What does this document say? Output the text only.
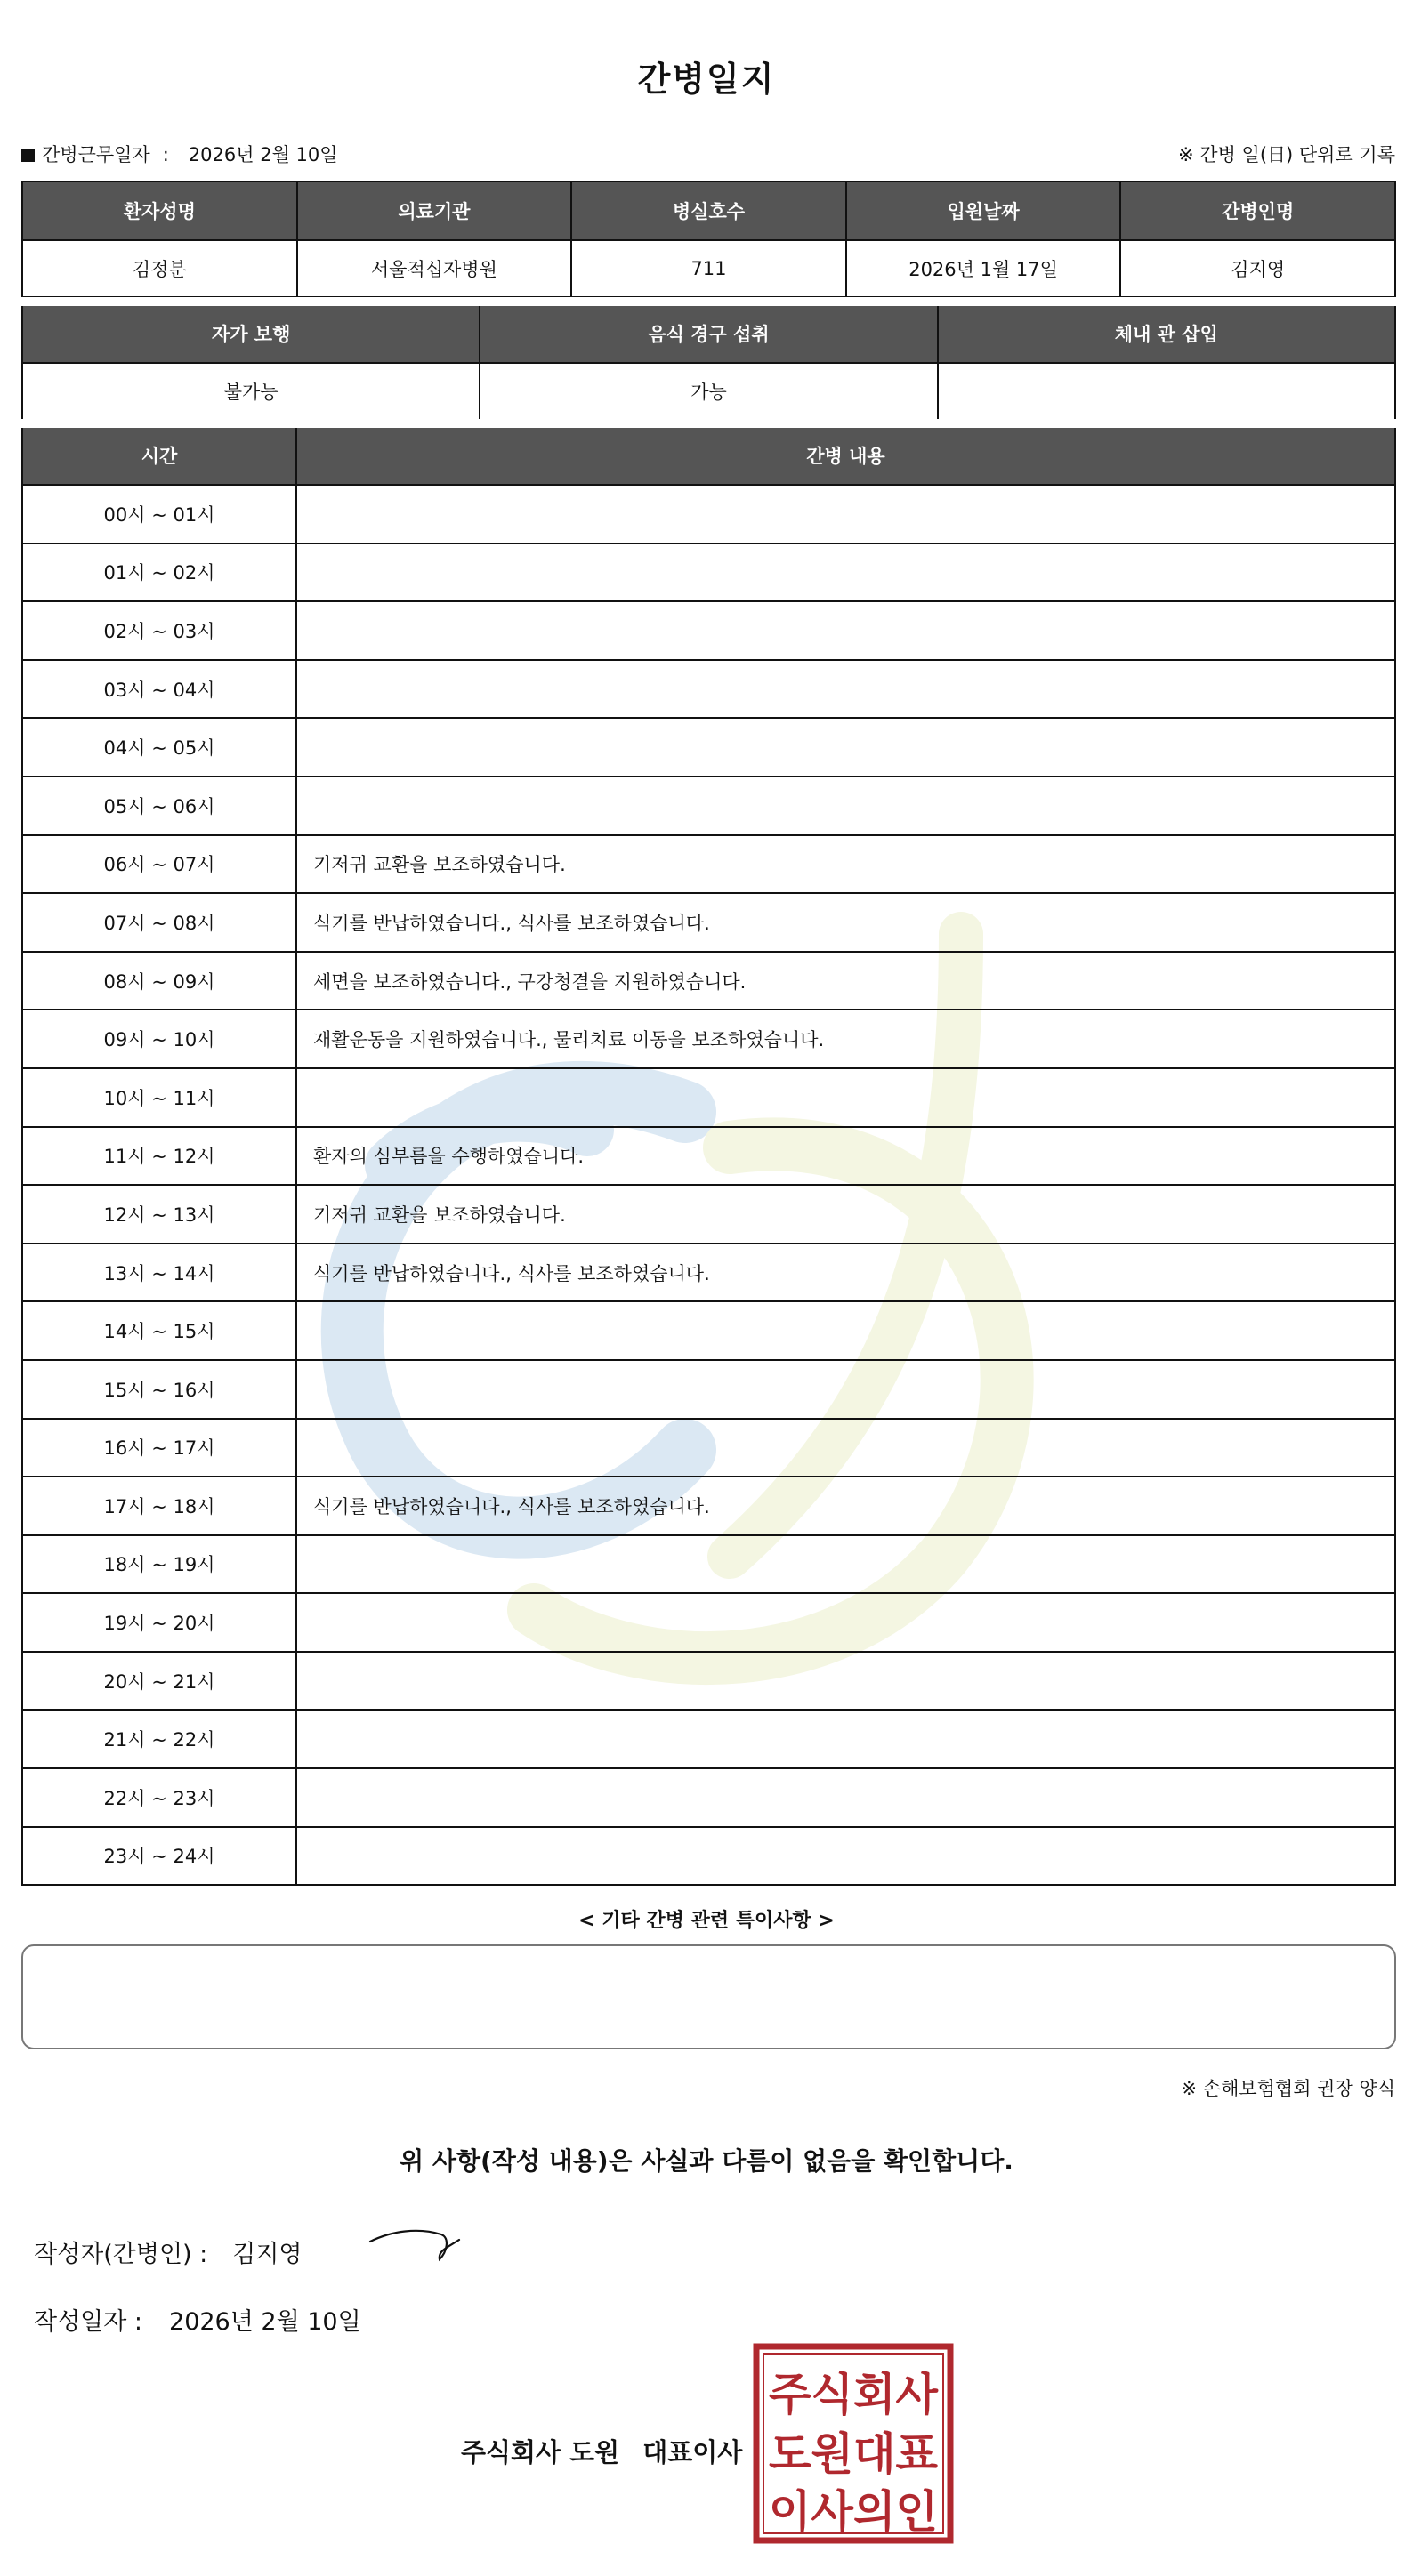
간병일지
간병근무일자 : 2026년 2월 10일	※ 간병 일(日) 단위로 기록
환자성명	의료기관	병실호수	입원날짜	간병인명
김정분	서울적십자병원	711	2026년 1월 17일	김지영
자가 보행	음식 경구 섭취	체내 관 삽입
불가능	가능	
시간	간병 내용
00시 ~ 01시	
01시 ~ 02시	
02시 ~ 03시	
03시 ~ 04시	
04시 ~ 05시	
05시 ~ 06시	
06시 ~ 07시	기저귀 교환을 보조하였습니다.
07시 ~ 08시	식기를 반납하였습니다., 식사를 보조하였습니다.
08시 ~ 09시	세면을 보조하였습니다., 구강청결을 지원하였습니다.
09시 ~ 10시	재활운동을 지원하였습니다., 물리치료 이동을 보조하였습니다.
10시 ~ 11시	
11시 ~ 12시	환자의 심부름을 수행하였습니다.
12시 ~ 13시	기저귀 교환을 보조하였습니다.
13시 ~ 14시	식기를 반납하였습니다., 식사를 보조하였습니다.
14시 ~ 15시	
15시 ~ 16시	
16시 ~ 17시	
17시 ~ 18시	식기를 반납하였습니다., 식사를 보조하였습니다.
18시 ~ 19시	
19시 ~ 20시	
20시 ~ 21시	
21시 ~ 22시	
22시 ~ 23시	
23시 ~ 24시	
< 기타 간병 관련 특이사항 >
※ 손해보험협회 권장 양식
위 사항(작성 내용)은 사실과 다름이 없음을 확인합니다.
작성자(간병인) : 김지영
작성일자 : 2026년 2월 10일
주식회사 도원 대표이사
주식회사
도원대표
이사의인
